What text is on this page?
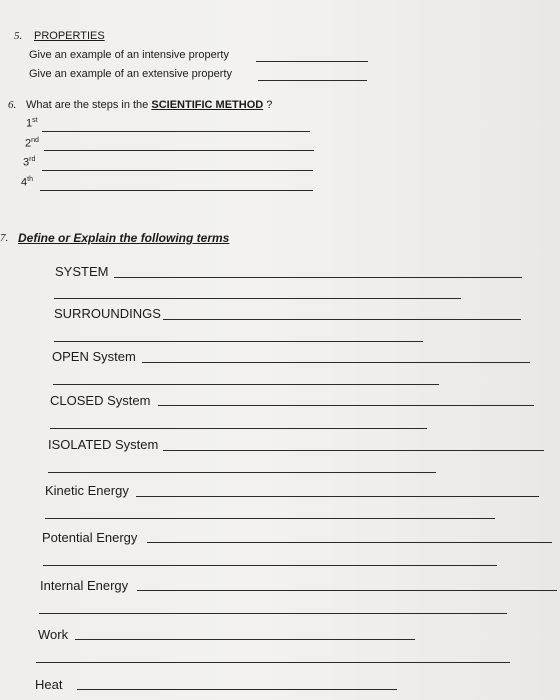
5. PROPERTIES
Give an example of an intensive property
Give an example of an extensive property
6. What are the steps in the SCIENTIFIC METHOD ?
1st
2nd
3rd
4th
7. Define or Explain the following terms
SYSTEM
SURROUNDINGS
OPEN System
CLOSED System
ISOLATED System
Kinetic Energy
Potential Energy
Internal Energy
Work
Heat
